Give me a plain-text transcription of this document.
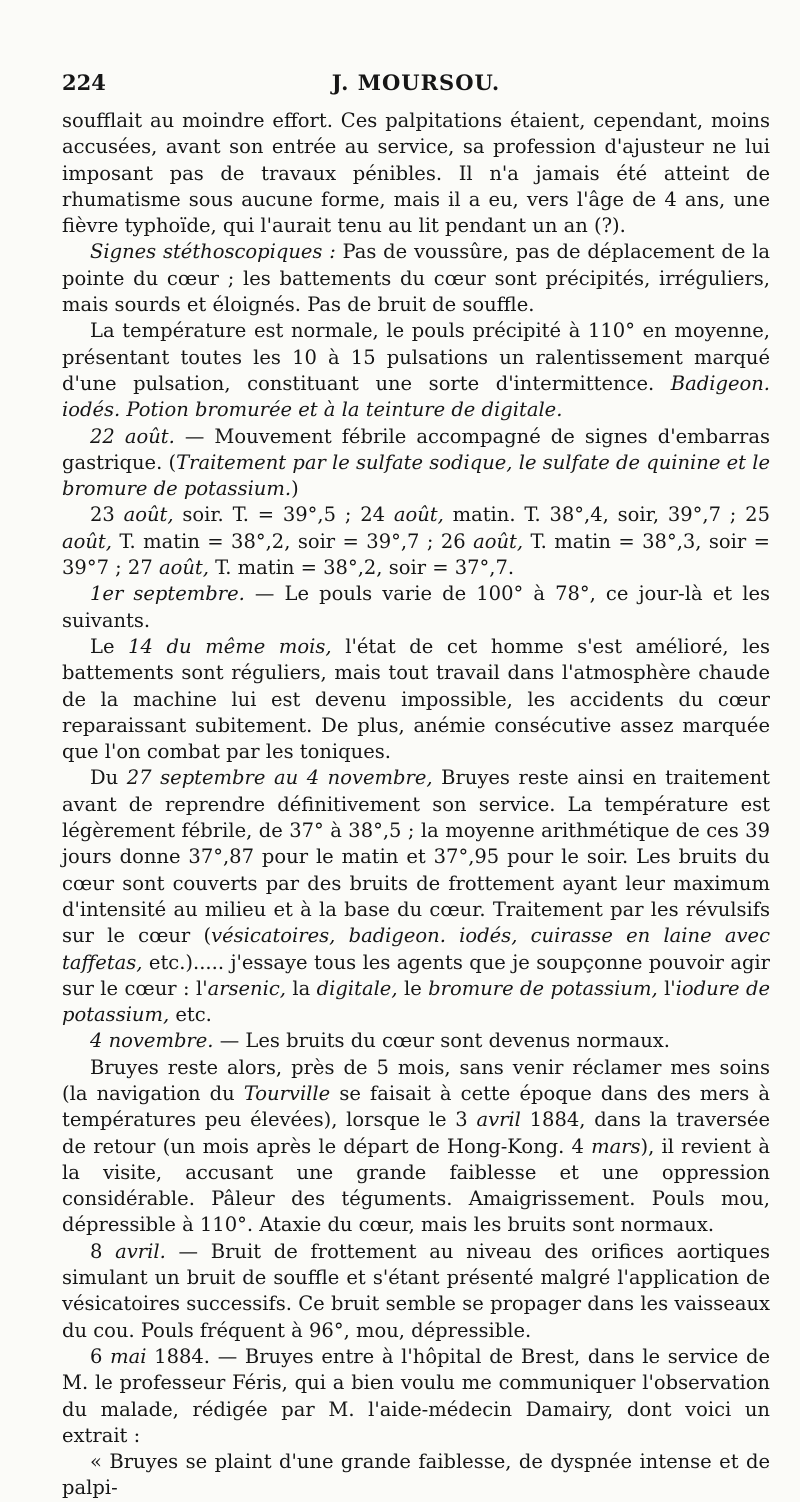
224	J. MOURSOU.

soufflait au moindre effort. Ces palpitations étaient, cependant, moins accusées, avant son entrée au service, sa profession d'ajusteur ne lui imposant pas de travaux pénibles. Il n'a jamais été atteint de rhumatisme sous aucune forme, mais il a eu, vers l'âge de 4 ans, une fièvre typhoïde, qui l'aurait tenu au lit pendant un an (?).

Signes stéthoscopiques : Pas de voussûre, pas de déplacement de la pointe du cœur ; les battements du cœur sont précipités, irréguliers, mais sourds et éloignés. Pas de bruit de souffle.

La température est normale, le pouls précipité à 110° en moyenne, présentant toutes les 10 à 15 pulsations un ralentissement marqué d'une pulsation, constituant une sorte d'intermittence. Badigeon. iodés. Potion bromurée et à la teinture de digitale.

22 août. — Mouvement fébrile accompagné de signes d'embarras gastrique. (Traitement par le sulfate sodique, le sulfate de quinine et le bromure de potassium.)

23 août, soir. T. = 39°,5 ; 24 août, matin. T. 38°,4, soir, 39°,7 ; 25 août, T. matin = 38°,2, soir = 39°,7 ; 26 août, T. matin = 38°,3, soir = 39°7 ; 27 août, T. matin = 38°,2, soir = 37°,7.

1er septembre. — Le pouls varie de 100° à 78°, ce jour-là et les suivants.

Le 14 du même mois, l'état de cet homme s'est amélioré, les battements sont réguliers, mais tout travail dans l'atmosphère chaude de la machine lui est devenu impossible, les accidents du cœur reparaissant subitement. De plus, anémie consécutive assez marquée que l'on combat par les toniques.

Du 27 septembre au 4 novembre, Bruyes reste ainsi en traitement avant de reprendre définitivement son service. La température est légèrement fébrile, de 37° à 38°,5 ; la moyenne arithmétique de ces 39 jours donne 37°,87 pour le matin et 37°,95 pour le soir. Les bruits du cœur sont couverts par des bruits de frottement ayant leur maximum d'intensité au milieu et à la base du cœur. Traitement par les révulsifs sur le cœur (vésicatoires, badigeon. iodés, cuirasse en laine avec taffetas, etc.)..... j'essaye tous les agents que je soupçonne pouvoir agir sur le cœur : l'arsenic, la digitale, le bromure de potassium, l'iodure de potassium, etc.

4 novembre. — Les bruits du cœur sont devenus normaux.

Bruyes reste alors, près de 5 mois, sans venir réclamer mes soins (la navigation du Tourville se faisait à cette époque dans des mers à températures peu élevées), lorsque le 3 avril 1884, dans la traversée de retour (un mois après le départ de Hong-Kong. 4 mars), il revient à la visite, accusant une grande faiblesse et une oppression considérable. Pâleur des téguments. Amaigrissement. Pouls mou, dépressible à 110°. Ataxie du cœur, mais les bruits sont normaux.

8 avril. — Bruit de frottement au niveau des orifices aortiques simulant un bruit de souffle et s'étant présenté malgré l'application de vésicatoires successifs. Ce bruit semble se propager dans les vaisseaux du cou. Pouls fréquent à 96°, mou, dépressible.

6 mai 1884. — Bruyes entre à l'hôpital de Brest, dans le service de M. le professeur Féris, qui a bien voulu me communiquer l'observation du malade, rédigée par M. l'aide-médecin Damairy, dont voici un extrait :

« Bruyes se plaint d'une grande faiblesse, de dyspnée intense et de palpi-
